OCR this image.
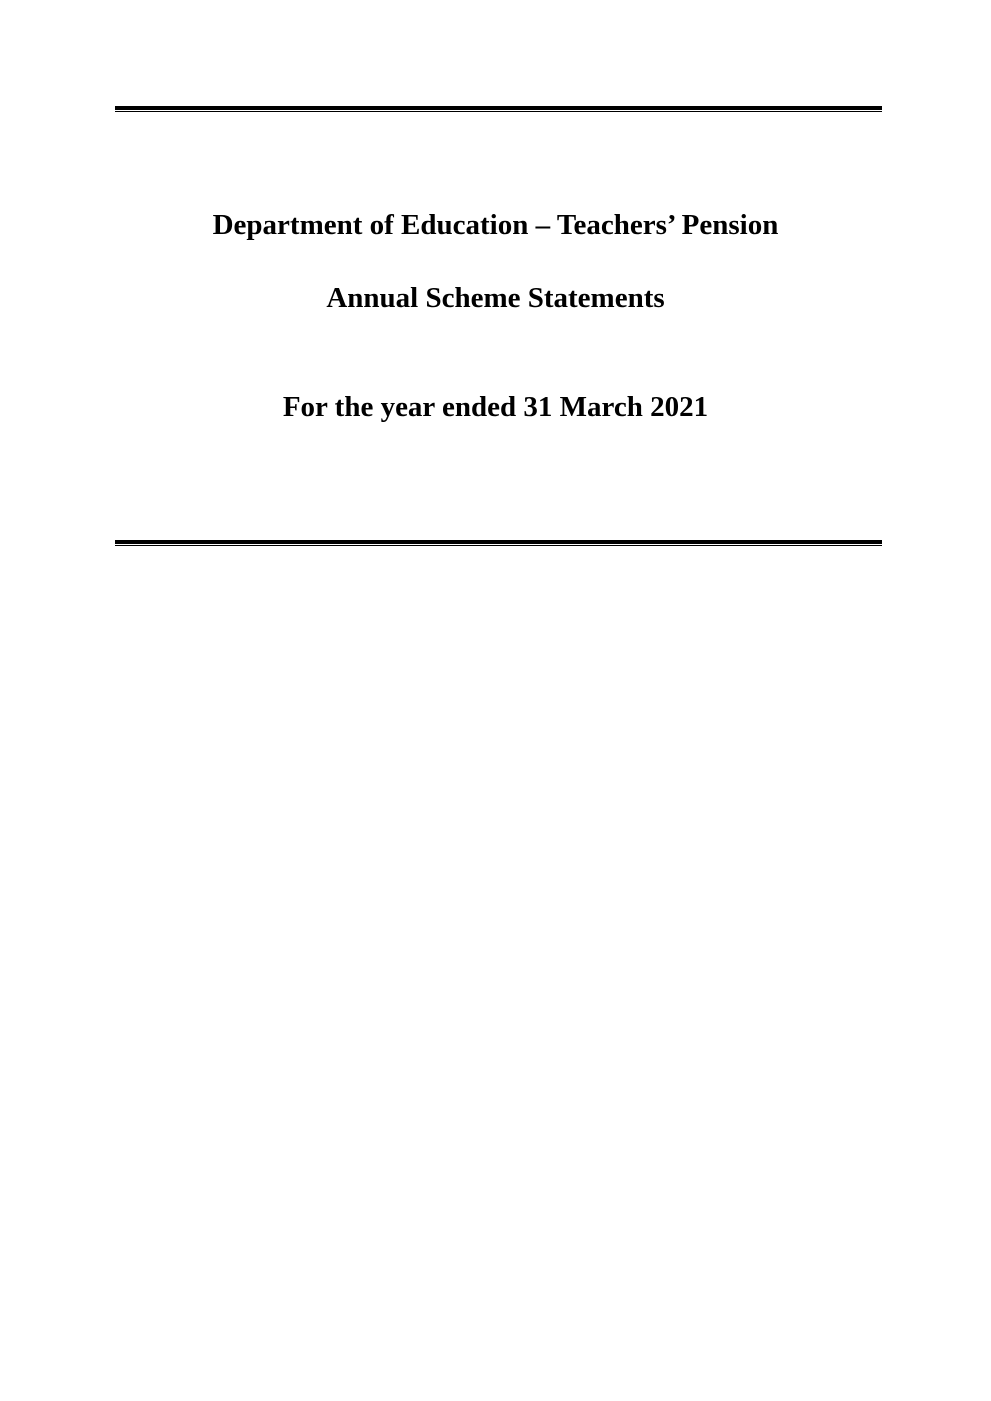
Department of Education – Teachers’ Pension
Annual Scheme Statements
For the year ended 31 March 2021
